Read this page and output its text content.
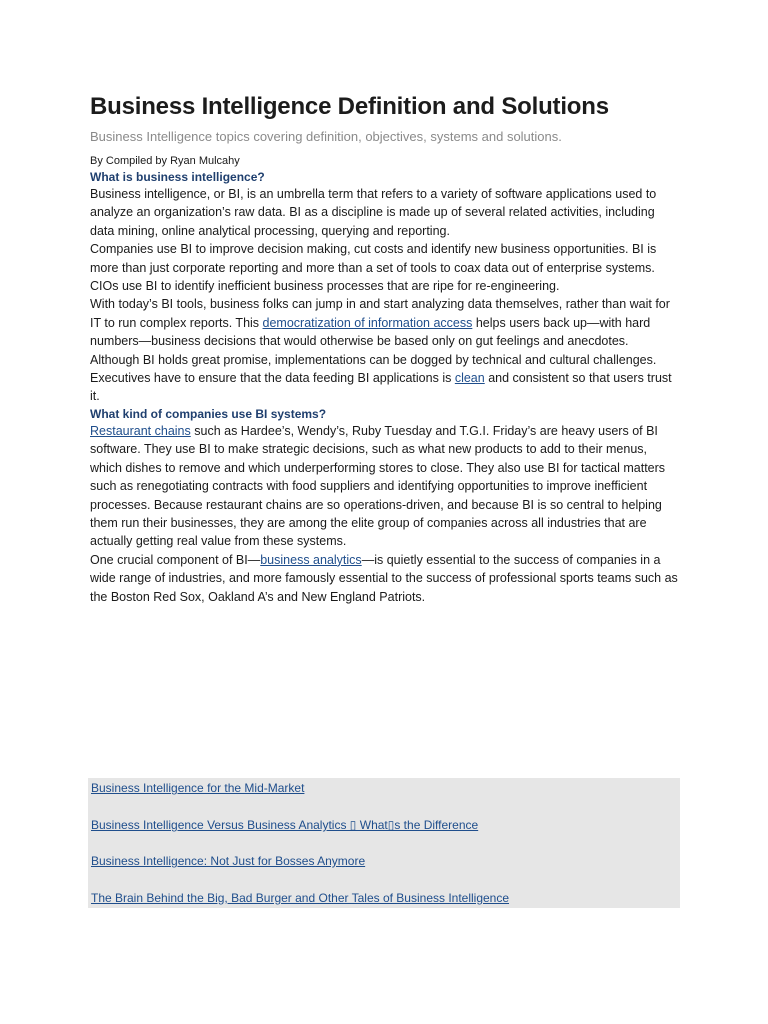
Business Intelligence Definition and Solutions
Business Intelligence topics covering definition, objectives, systems and solutions.
By Compiled by Ryan Mulcahy
What is business intelligence?

Business intelligence, or BI, is an umbrella term that refers to a variety of software applications used to analyze an organization’s raw data. BI as a discipline is made up of several related activities, including data mining, online analytical processing, querying and reporting.

Companies use BI to improve decision making, cut costs and identify new business opportunities. BI is more than just corporate reporting and more than a set of tools to coax data out of enterprise systems. CIOs use BI to identify inefficient business processes that are ripe for re-engineering.

With today’s BI tools, business folks can jump in and start analyzing data themselves, rather than wait for IT to run complex reports. This democratization of information access helps users back up—with hard numbers—business decisions that would otherwise be based only on gut feelings and anecdotes.

Although BI holds great promise, implementations can be dogged by technical and cultural challenges. Executives have to ensure that the data feeding BI applications is clean and consistent so that users trust it.

What kind of companies use BI systems?

Restaurant chains such as Hardee’s, Wendy’s, Ruby Tuesday and T.G.I. Friday’s are heavy users of BI software. They use BI to make strategic decisions, such as what new products to add to their menus, which dishes to remove and which underperforming stores to close. They also use BI for tactical matters such as renegotiating contracts with food suppliers and identifying opportunities to improve inefficient processes. Because restaurant chains are so operations-driven, and because BI is so central to helping them run their businesses, they are among the elite group of companies across all industries that are actually getting real value from these systems.

One crucial component of BI—business analytics—is quietly essential to the success of companies in a wide range of industries, and more famously essential to the success of professional sports teams such as the Boston Red Sox, Oakland A’s and New England Patriots.

Business Intelligence for the Mid-Market
Business Intelligence Versus Business Analytics ▯ What▯s the Difference
Business Intelligence: Not Just for Bosses Anymore
The Brain Behind the Big, Bad Burger and Other Tales of Business Intelligence
